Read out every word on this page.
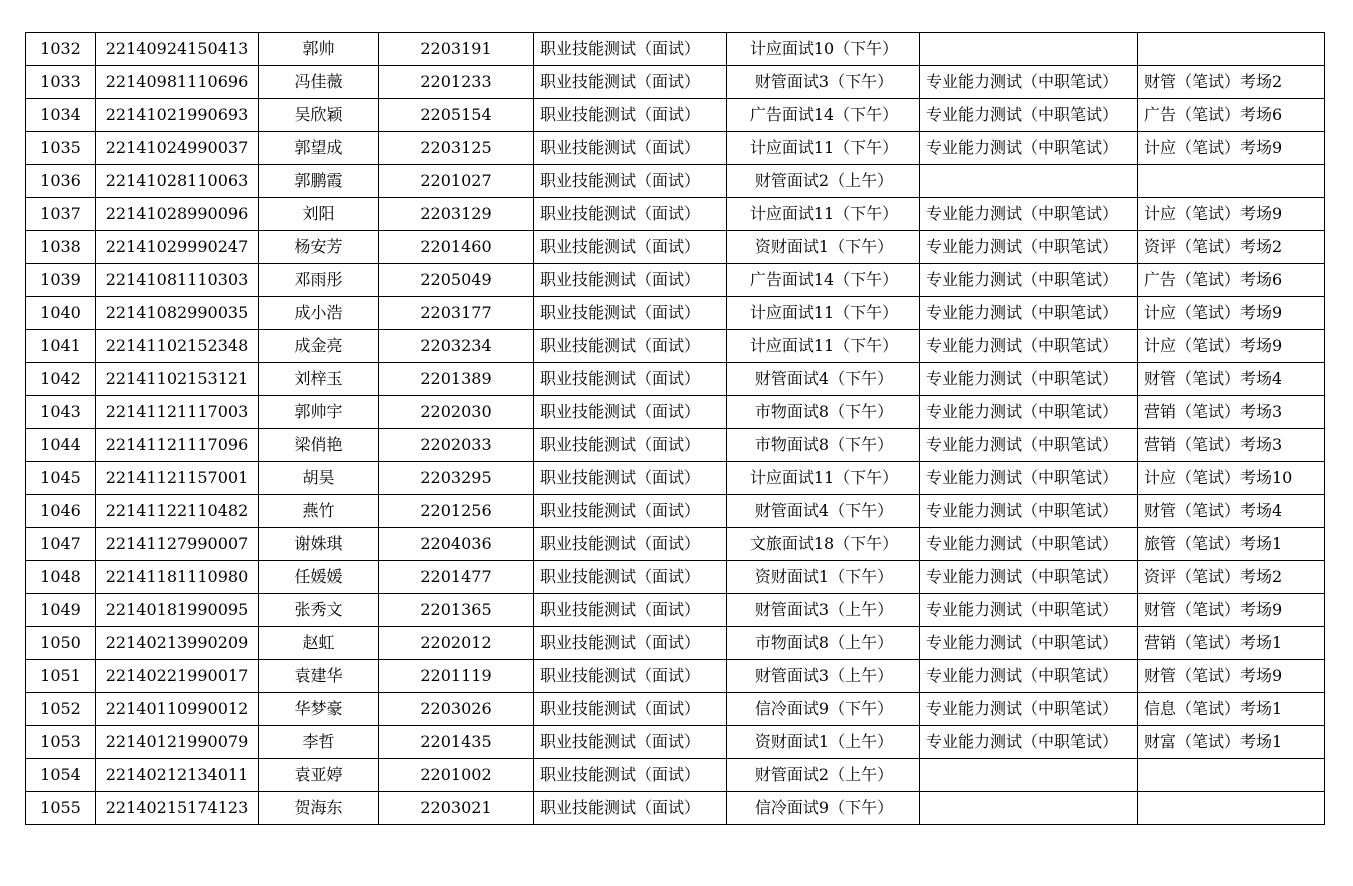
1032	22140924150413	郭帅	2203191	职业技能测试（面试）	计应面试10（下午）		
1033	22140981110696	冯佳薇	2201233	职业技能测试（面试）	财管面试3（下午）	专业能力测试（中职笔试）	财管（笔试）考场2
1034	22141021990693	吴欣颖	2205154	职业技能测试（面试）	广告面试14（下午）	专业能力测试（中职笔试）	广告（笔试）考场6
1035	22141024990037	郭望成	2203125	职业技能测试（面试）	计应面试11（下午）	专业能力测试（中职笔试）	计应（笔试）考场9
1036	22141028110063	郭鹏霞	2201027	职业技能测试（面试）	财管面试2（上午）		
1037	22141028990096	刘阳	2203129	职业技能测试（面试）	计应面试11（下午）	专业能力测试（中职笔试）	计应（笔试）考场9
1038	22141029990247	杨安芳	2201460	职业技能测试（面试）	资财面试1（下午）	专业能力测试（中职笔试）	资评（笔试）考场2
1039	22141081110303	邓雨彤	2205049	职业技能测试（面试）	广告面试14（下午）	专业能力测试（中职笔试）	广告（笔试）考场6
1040	22141082990035	成小浩	2203177	职业技能测试（面试）	计应面试11（下午）	专业能力测试（中职笔试）	计应（笔试）考场9
1041	22141102152348	成金亮	2203234	职业技能测试（面试）	计应面试11（下午）	专业能力测试（中职笔试）	计应（笔试）考场9
1042	22141102153121	刘梓玉	2201389	职业技能测试（面试）	财管面试4（下午）	专业能力测试（中职笔试）	财管（笔试）考场4
1043	22141121117003	郭帅宇	2202030	职业技能测试（面试）	市物面试8（下午）	专业能力测试（中职笔试）	营销（笔试）考场3
1044	22141121117096	梁俏艳	2202033	职业技能测试（面试）	市物面试8（下午）	专业能力测试（中职笔试）	营销（笔试）考场3
1045	22141121157001	胡昊	2203295	职业技能测试（面试）	计应面试11（下午）	专业能力测试（中职笔试）	计应（笔试）考场10
1046	22141122110482	燕竹	2201256	职业技能测试（面试）	财管面试4（下午）	专业能力测试（中职笔试）	财管（笔试）考场4
1047	22141127990007	谢姝琪	2204036	职业技能测试（面试）	文旅面试18（下午）	专业能力测试（中职笔试）	旅管（笔试）考场1
1048	22141181110980	任媛媛	2201477	职业技能测试（面试）	资财面试1（下午）	专业能力测试（中职笔试）	资评（笔试）考场2
1049	22140181990095	张秀文	2201365	职业技能测试（面试）	财管面试3（上午）	专业能力测试（中职笔试）	财管（笔试）考场9
1050	22140213990209	赵虹	2202012	职业技能测试（面试）	市物面试8（上午）	专业能力测试（中职笔试）	营销（笔试）考场1
1051	22140221990017	袁建华	2201119	职业技能测试（面试）	财管面试3（上午）	专业能力测试（中职笔试）	财管（笔试）考场9
1052	22140110990012	华梦豪	2203026	职业技能测试（面试）	信冷面试9（下午）	专业能力测试（中职笔试）	信息（笔试）考场1
1053	22140121990079	李哲	2201435	职业技能测试（面试）	资财面试1（上午）	专业能力测试（中职笔试）	财富（笔试）考场1
1054	22140212134011	袁亚婷	2201002	职业技能测试（面试）	财管面试2（上午）		
1055	22140215174123	贺海东	2203021	职业技能测试（面试）	信冷面试9（下午）		
